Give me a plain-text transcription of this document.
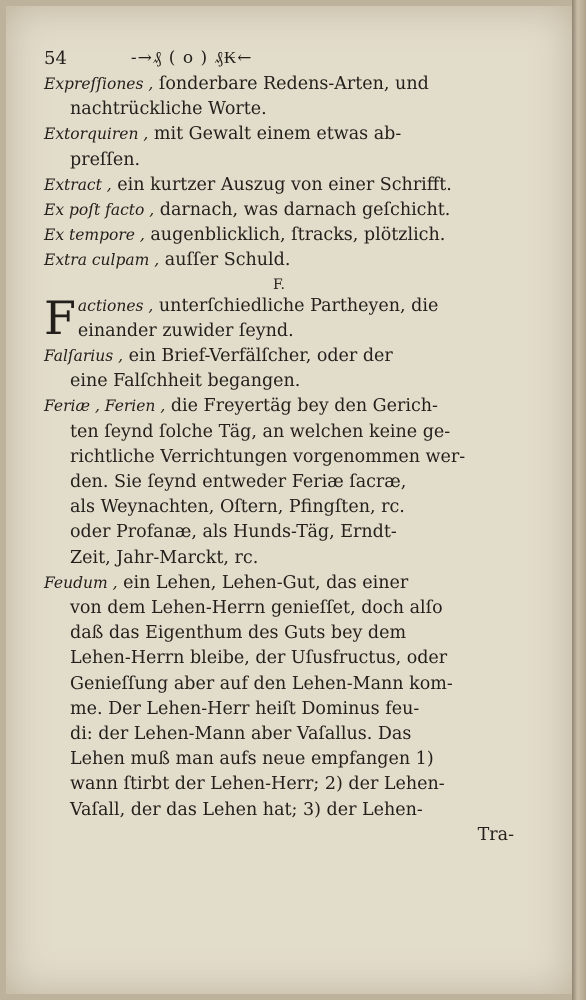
54	-→₰ ( o ) ₰₭←
Expreſſiones ,
ſonderbare Redens-Arten, und
nachtrückliche Worte.
Extorquiren ,
mit Gewalt einem etwas ab-
preſſen.
Extract ,
ein kurtzer Auszug von einer Schrifft.
Ex poſt facto ,
darnach, was darnach geſchicht.
Ex tempore ,
augenblicklich, ſtracks, plötzlich.
Extra culpam ,
auſſer Schuld.
F.
F actiones ,
unterſchiedliche Partheyen, die
einander zuwider ſeynd.
Falſarius ,
ein Brief-Verfälſcher, oder der
eine Falſchheit begangen.
Feriæ , Ferien ,
die Freyertäg bey den Gerich-
ten ſeynd ſolche Täg, an welchen keine ge-
richtliche Verrichtungen vorgenommen wer-
den. Sie ſeynd entweder Feriæ ſacræ,
als Weynachten, Oſtern, Pfingſten, rc.
oder Profanæ, als Hunds-Täg, Erndt-
Zeit, Jahr-Marckt, rc.
Feudum ,
ein Lehen, Lehen-Gut, das einer
von dem Lehen-Herrn genieſſet, doch alſo
daß das Eigenthum des Guts bey dem
Lehen-Herrn bleibe, der Uſusfructus, oder
Genieſſung aber auf den Lehen-Mann kom-
me. Der Lehen-Herr heiſt Dominus feu-
di: der Lehen-Mann aber Vaſallus. Das
Lehen muß man aufs neue empfangen 1)
wann ſtirbt der Lehen-Herr; 2) der Lehen-
Vaſall, der das Lehen hat; 3) der Lehen-
Tra-
